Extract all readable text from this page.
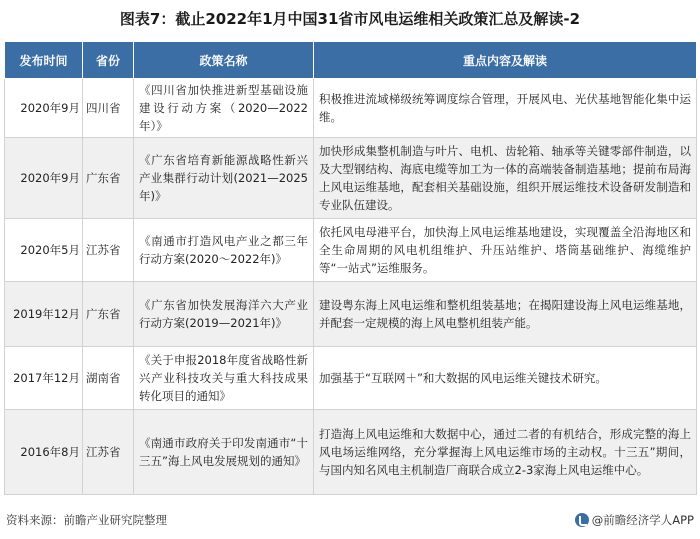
图表7：截止2022年1月中国31省市风电运维相关政策汇总及解读-2
发布时间	省份	政策名称	重点内容及解读
2020年9月	四川省	《四川省加快推进新型基础设施建设行动方案（2020—2022年）》	积极推进流域梯级统筹调度综合管理，开展风电、光伏基地智能化集中运维。
2020年9月	广东省	《广东省培育新能源战略性新兴产业集群行动计划(2021—2025年)》	加快形成集整机制造与叶片、电机、齿轮箱、轴承等关键零部件制造，以及大型钢结构、海底电缆等加工为一体的高端装备制造基地；提前布局海上风电运维基地，配套相关基础设施，组织开展运维技术设备研发制造和专业队伍建设。
2020年5月	江苏省	《南通市打造风电产业之都三年行动方案(2020～2022年)》	依托风电母港平台，加快海上风电运维基地建设，实现覆盖全沿海地区和全生命周期的风电机组维护、升压站维护、塔筒基础维护、海缆维护等“一站式”运维服务。
2019年12月	广东省	《广东省加快发展海洋六大产业行动方案(2019—2021年)》	建设粤东海上风电运维和整机组装基地；在揭阳建设海上风电运维基地，并配套一定规模的海上风电整机组装产能。
2017年12月	湖南省	《关于申报2018年度省战略性新兴产业科技攻关与重大科技成果转化项目的通知》	加强基于“互联网＋”和大数据的风电运维关键技术研究。
2016年8月	江苏省	《南通市政府关于印发南通市“十三五”海上风电发展规划的通知》	打造海上风电运维和大数据中心，通过二者的有机结合，形成完整的海上风电场运维网络，充分掌握海上风电运维市场的主动权。十三五”期间，与国内知名风电主机制造厂商联合成立2-3家海上风电运维中心。
资料来源：前瞻产业研究院整理	@前瞻经济学人APP
